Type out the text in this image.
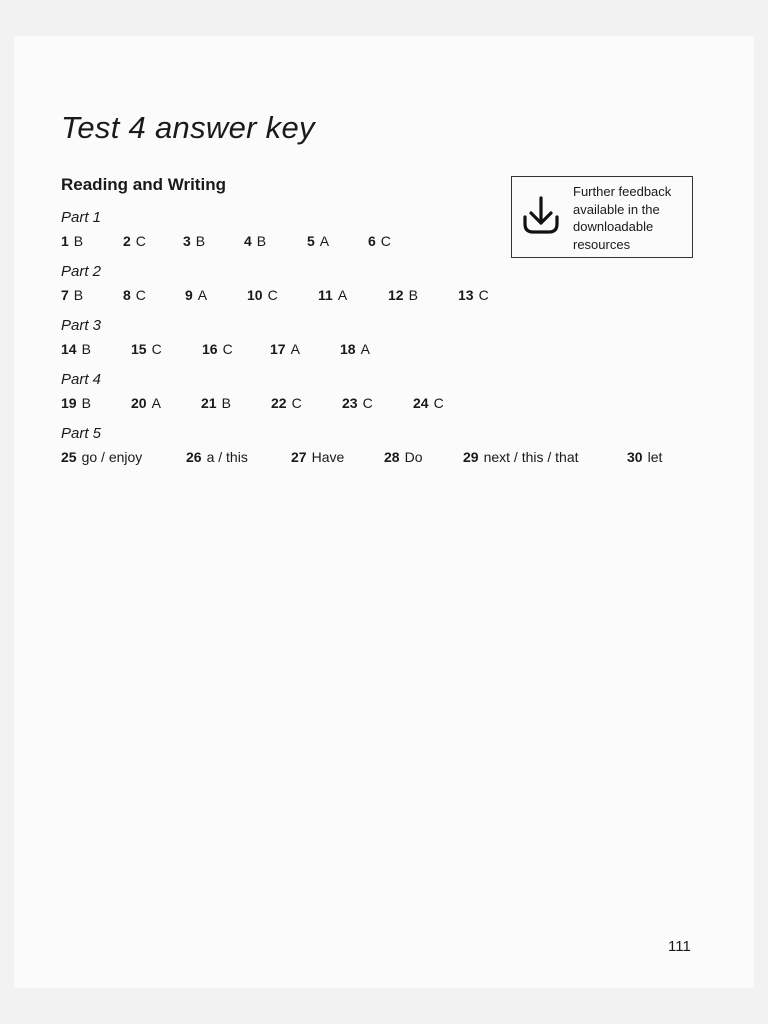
Test 4 answer key
Reading and Writing	Further feedback
available in the
downloadable
resources
Part 1
1 B	2 C	3 B	4 B	5 A	6 C
Part 2
7 B	8 C	9 A	10 C	11 A	12 B	13 C
Part 3
14 B	15 C	16 C	17 A	18 A
Part 4
19 B	20 A	21 B	22 C	23 C	24 C
Part 5
25 go / enjoy	26 a / this	27 Have	28 Do	29 next / this / that	30 let
111
